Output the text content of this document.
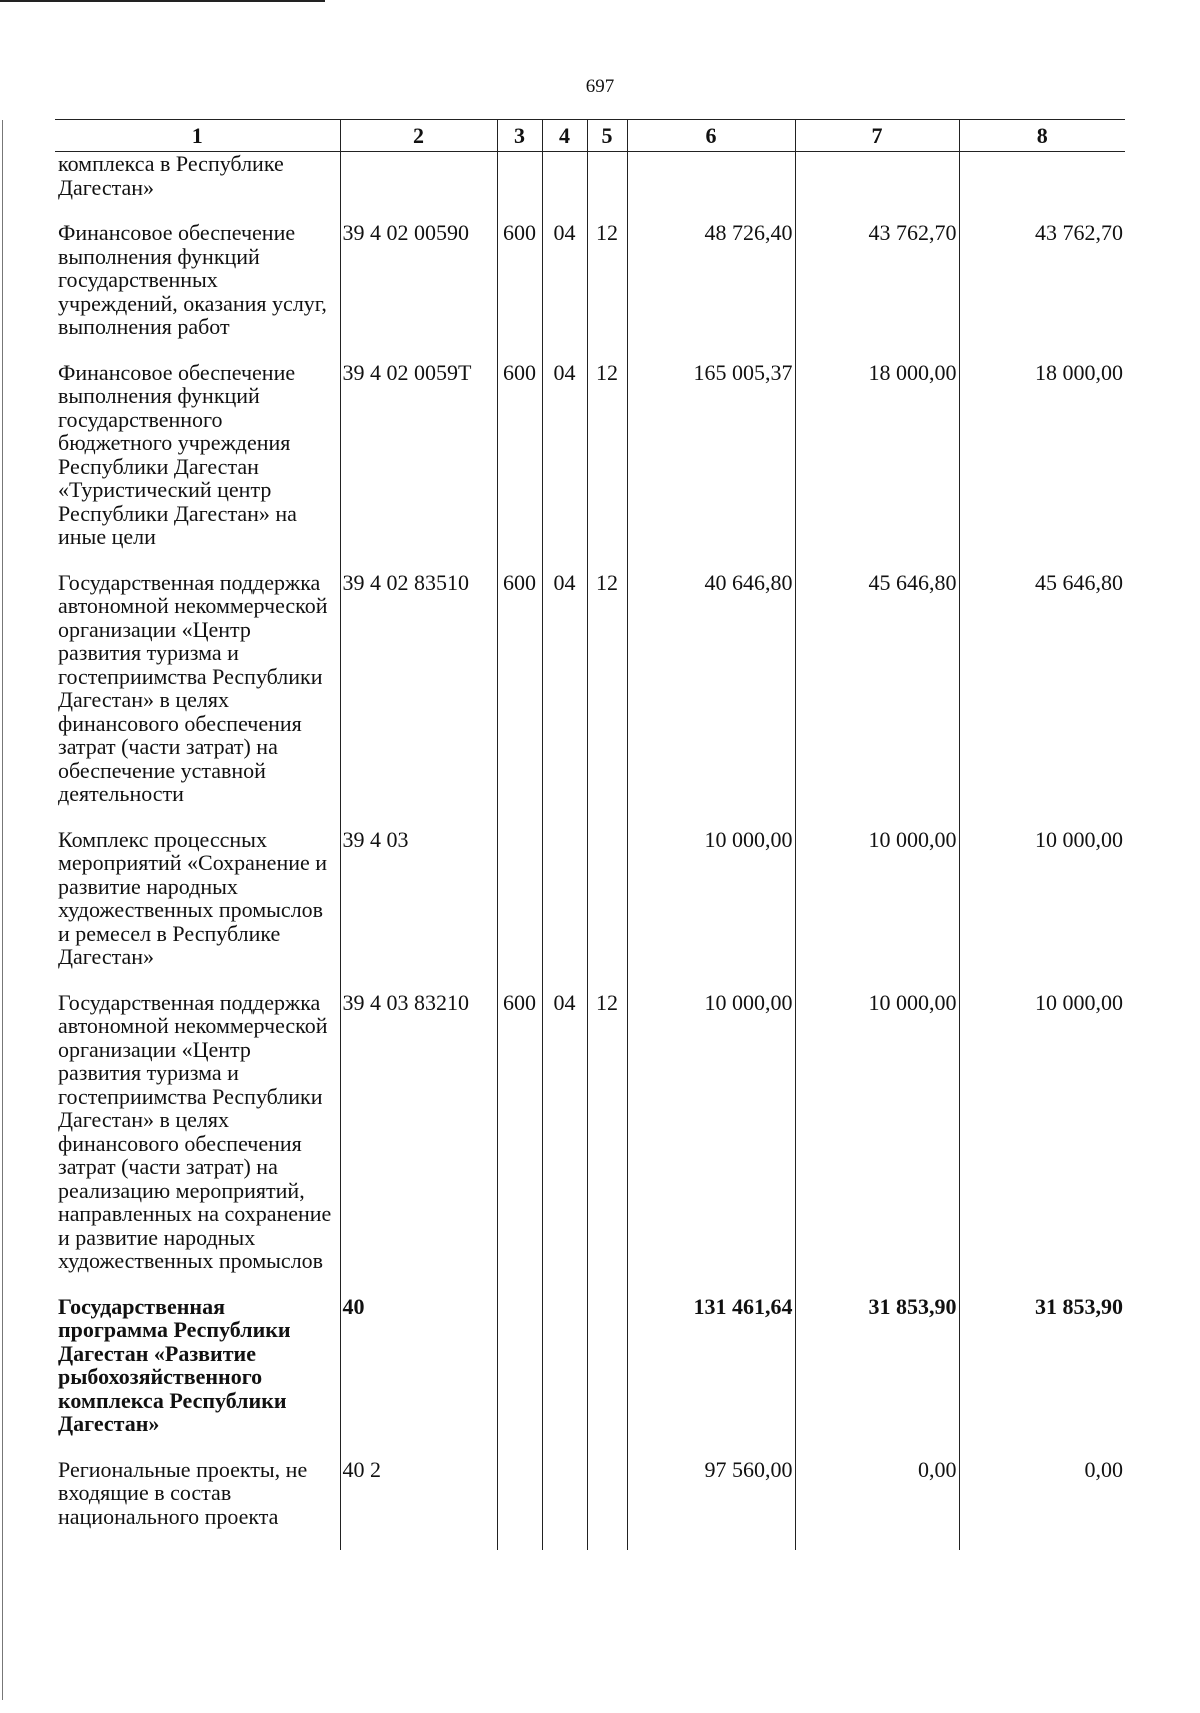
697
1	2	3	4	5	6	7	8
комплекса в Республике Дагестан»							
Финансовое обеспечение выполнения функций государственных учреждений, оказания услуг, выполнения работ	39 4 02 00590	600	04	12	48 726,40	43 762,70	43 762,70
Финансовое обеспечение выполнения функций государственного бюджетного учреждения Республики Дагестан «Туристический центр Республики Дагестан» на иные цели	39 4 02 0059T	600	04	12	165 005,37	18 000,00	18 000,00
Государственная поддержка автономной некоммерческой организации «Центр развития туризма и гостеприимства Республики Дагестан» в целях финансового обеспечения затрат (части затрат) на обеспечение уставной деятельности	39 4 02 83510	600	04	12	40 646,80	45 646,80	45 646,80
Комплекс процессных мероприятий «Сохранение и развитие народных художественных промыслов и ремесел в Республике Дагестан»	39 4 03				10 000,00	10 000,00	10 000,00
Государственная поддержка автономной некоммерческой организации «Центр развития туризма и гостеприимства Республики Дагестан» в целях финансового обеспечения затрат (части затрат) на реализацию мероприятий, направленных на сохранение и развитие народных художественных промыслов	39 4 03 83210	600	04	12	10 000,00	10 000,00	10 000,00
Государственная программа Республики Дагестан «Развитие рыбохозяйственного комплекса Республики Дагестан»	40				131 461,64	31 853,90	31 853,90
Региональные проекты, не входящие в состав национального проекта	40 2				97 560,00	0,00	0,00
